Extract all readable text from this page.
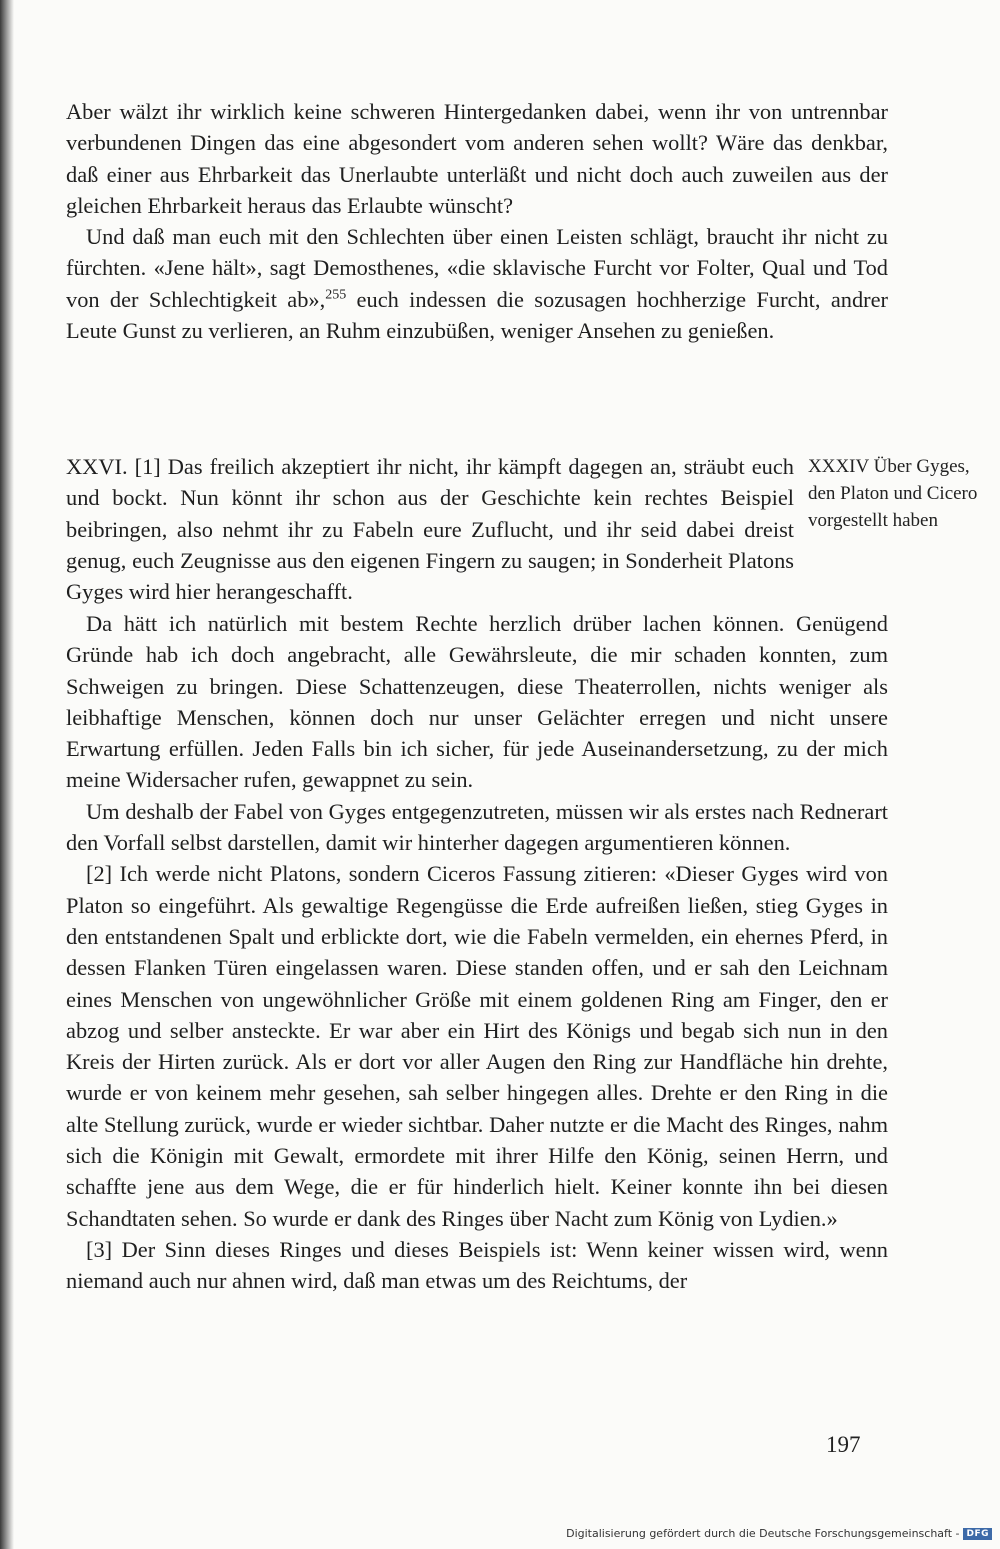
Aber wälzt ihr wirklich keine schweren Hintergedanken dabei, wenn ihr von untrennbar verbundenen Dingen das eine abgesondert vom anderen sehen wollt? Wäre das denkbar, daß einer aus Ehrbarkeit das Unerlaubte unterläßt und nicht doch auch zuweilen aus der gleichen Ehrbarkeit heraus das Erlaubte wünscht?

Und daß man euch mit den Schlechten über einen Leisten schlägt, braucht ihr nicht zu fürchten. «Jene hält», sagt Demosthenes, «die sklavische Furcht vor Folter, Qual und Tod von der Schlechtigkeit ab»,$^{255}$ euch indessen die sozusagen hochherzige Furcht, andrer Leute Gunst zu verlieren, an Ruhm einzubüßen, weniger Ansehen zu genießen.

XXVI. [1] Das freilich akzeptiert ihr nicht, ihr kämpft dagegen an, sträubt euch und bockt. Nun könnt ihr schon aus der Geschichte kein rechtes Beispiel beibringen, also nehmt ihr zu Fabeln eure Zuflucht, und ihr seid dabei dreist genug, euch Zeugnisse aus den eigenen Fingern zu saugen; in Sonderheit Platons Gyges wird hier herangeschafft.

XXXIV Über Gyges, den Platon und Cicero vorgestellt haben

Da hätt ich natürlich mit bestem Rechte herzlich drüber lachen können. Genügend Gründe hab ich doch angebracht, alle Gewährsleute, die mir schaden konnten, zum Schweigen zu bringen. Diese Schattenzeugen, diese Theaterrollen, nichts weniger als leibhaftige Menschen, können doch nur unser Gelächter erregen und nicht unsere Erwartung erfüllen. Jeden Falls bin ich sicher, für jede Auseinandersetzung, zu der mich meine Widersacher rufen, gewappnet zu sein.

Um deshalb der Fabel von Gyges entgegenzutreten, müssen wir als erstes nach Rednerart den Vorfall selbst darstellen, damit wir hinterher dagegen argumentieren können.

[2] Ich werde nicht Platons, sondern Ciceros Fassung zitieren: «Dieser Gyges wird von Platon so eingeführt. Als gewaltige Regengüsse die Erde aufreißen ließen, stieg Gyges in den entstandenen Spalt und erblickte dort, wie die Fabeln vermelden, ein ehernes Pferd, in dessen Flanken Türen eingelassen waren. Diese standen offen, und er sah den Leichnam eines Menschen von ungewöhnlicher Größe mit einem goldenen Ring am Finger, den er abzog und selber ansteckte. Er war aber ein Hirt des Königs und begab sich nun in den Kreis der Hirten zurück. Als er dort vor aller Augen den Ring zur Handfläche hin drehte, wurde er von keinem mehr gesehen, sah selber hingegen alles. Drehte er den Ring in die alte Stellung zurück, wurde er wieder sichtbar. Daher nutzte er die Macht des Ringes, nahm sich die Königin mit Gewalt, ermordete mit ihrer Hilfe den König, seinen Herrn, und schaffte jene aus dem Wege, die er für hinderlich hielt. Keiner konnte ihn bei diesen Schandtaten sehen. So wurde er dank des Ringes über Nacht zum König von Lydien.»

[3] Der Sinn dieses Ringes und dieses Beispiels ist: Wenn keiner wissen wird, wenn niemand auch nur ahnen wird, daß man etwas um des Reichtums, der

197
Digitalisierung gefördert durch die Deutsche Forschungsgemeinschaft - DFG
